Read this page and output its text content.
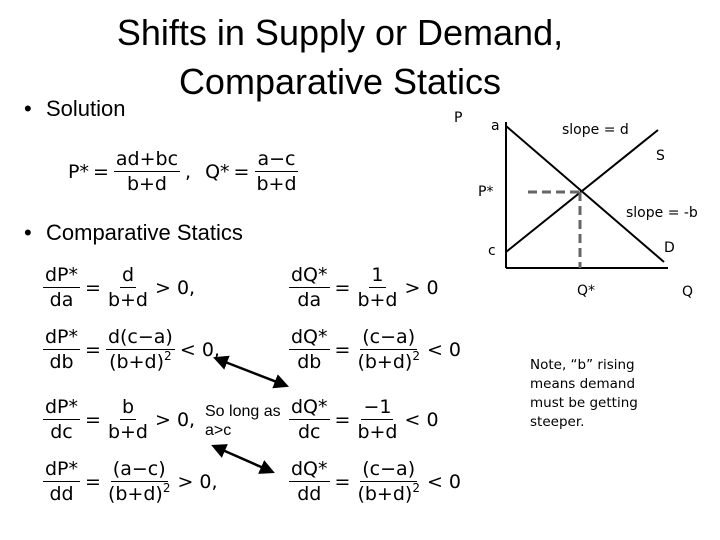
Shifts in Supply or Demand,
Comparative Statics
• Solution
• Comparative Statics
$P* = \frac{ad+bc}{b+d}$ , $Q* = \frac{a-c}{b+d}$
$\frac{dP*}{da} = \frac{d}{b+d} > 0$,	$\frac{dQ*}{da} = \frac{1}{b+d} > 0$
$\frac{dP*}{db} = \frac{d(c-a)}{(b+d)^2} < 0$,	$\frac{dQ*}{db} = \frac{(c-a)}{(b+d)^2} < 0$
$\frac{dP*}{dc} = \frac{b}{b+d} > 0$,	$\frac{dQ*}{dc} = \frac{-1}{b+d} < 0$
$\frac{dP*}{dd} = \frac{(a-c)}{(b+d)^2} > 0$,	$\frac{dQ*}{dd} = \frac{(c-a)}{(b+d)^2} < 0$
So long as a>c
P a	slope = d
S
P*
slope = -b
c	D
Q*	Q
Note, “b” rising
means demand
must be getting
steeper.
